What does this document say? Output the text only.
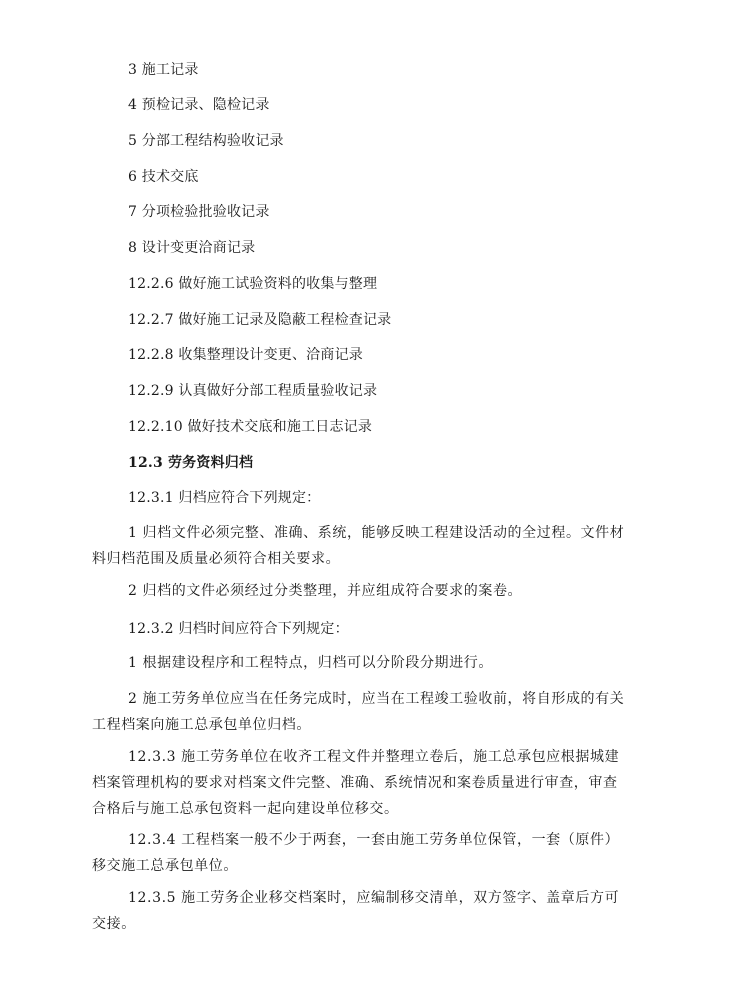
3 施工记录
4 预检记录、隐检记录
5 分部工程结构验收记录
6 技术交底
7 分项检验批验收记录
8 设计变更洽商记录
12.2.6 做好施工试验资料的收集与整理
12.2.7 做好施工记录及隐蔽工程检查记录
12.2.8 收集整理设计变更、洽商记录
12.2.9 认真做好分部工程质量验收记录
12.2.10 做好技术交底和施工日志记录
12.3 劳务资料归档
12.3.1 归档应符合下列规定：
1 归档文件必须完整、准确、系统，能够反映工程建设活动的全过程。文件材料归档范围及质量必须符合相关要求。
2 归档的文件必须经过分类整理，并应组成符合要求的案卷。
12.3.2 归档时间应符合下列规定：
1 根据建设程序和工程特点，归档可以分阶段分期进行。
2 施工劳务单位应当在任务完成时，应当在工程竣工验收前，将自形成的有关工程档案向施工总承包单位归档。
12.3.3 施工劳务单位在收齐工程文件并整理立卷后，施工总承包应根据城建档案管理机构的要求对档案文件完整、准确、系统情况和案卷质量进行审查，审查合格后与施工总承包资料一起向建设单位移交。
12.3.4 工程档案一般不少于两套，一套由施工劳务单位保管，一套（原件）移交施工总承包单位。
12.3.5 施工劳务企业移交档案时，应编制移交清单，双方签字、盖章后方可交接。
